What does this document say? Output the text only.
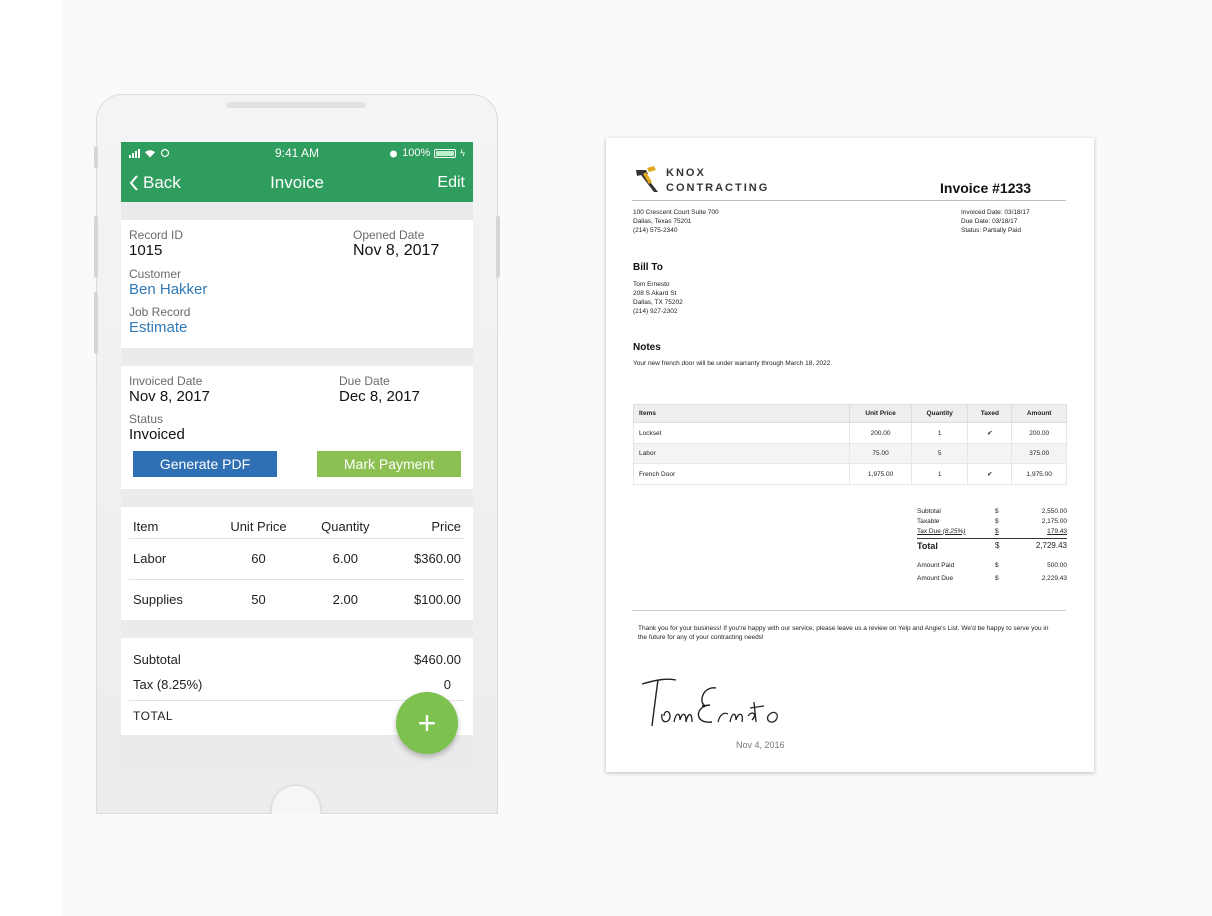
9:41 AM	100%	ϟ
Back	Invoice	Edit
Record ID
1015
Opened Date
Nov 8, 2017
Customer
Ben Hakker
Job Record
Estimate
Invoiced Date
Nov 8, 2017
Due Date
Dec 8, 2017
Status
Invoiced
Generate PDF	Mark Payment
Item	Unit Price	Quantity	Price
Labor	60	6.00	$360.00
Supplies	50	2.00	$100.00
Subtotal	$460.00
Tax (8.25%)	0
TOTAL	+
KNOX
CONTRACTING	Invoice #1233
100 Crescent Court Suite 700
Dallas, Texas 75201
(214) 575-2340
Invoiced Date: 03/18/17
Due Date: 03/18/17
Status: Partially Paid
Bill To
Tom Ernesto
208 S Akard St
Dallas, TX 75202
(214) 927-2302
Notes
Your new french door will be under warranty through March 18, 2022.
Items	Unit Price	Quantity	Taxed	Amount
Lockset	200.00	1	✔	200.00
Labor	75.00	5		375.00
French Door	1,975.00	1	✔	1,975.00
Subtotal	$	2,550.00
Taxable	$	2,175.00
Tax Due (8.25%)	$	179.43
Total	$	2,729.43
Amount Paid	$	500.00
Amount Due	$	2,229.43
Thank you for your business! If you're happy with our service, please leave us a review on Yelp and Angie's List. We'd be happy to serve you in the future for any of your contracting needs!
Nov 4, 2016
